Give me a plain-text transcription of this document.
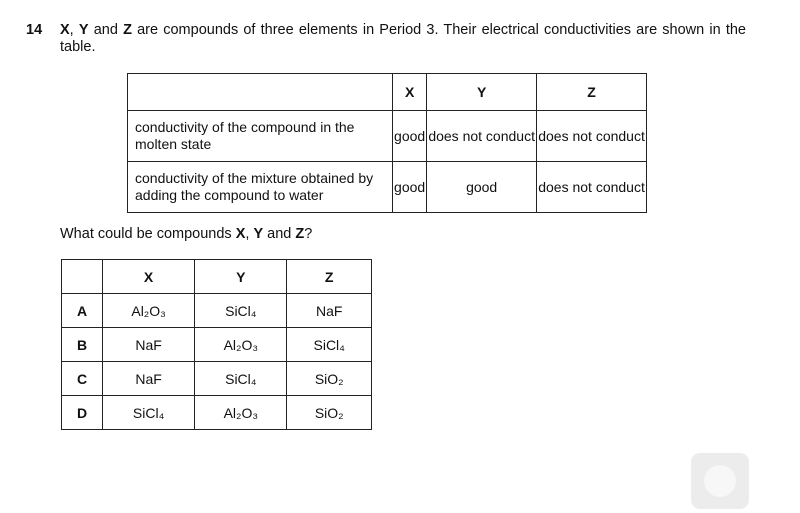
14 X, Y and Z are compounds of three elements in Period 3. Their electrical conductivities are shown in the table.
	X	Y	Z
conductivity of the compound in the molten state	good	does not conduct	does not conduct
conductivity of the mixture obtained by adding the compound to water	good	good	does not conduct
What could be compounds X, Y and Z?
	X	Y	Z
A	Al₂O₃	SiCl₄	NaF
B	NaF	Al₂O₃	SiCl₄
C	NaF	SiCl₄	SiO₂
D	SiCl₄	Al₂O₃	SiO₂
